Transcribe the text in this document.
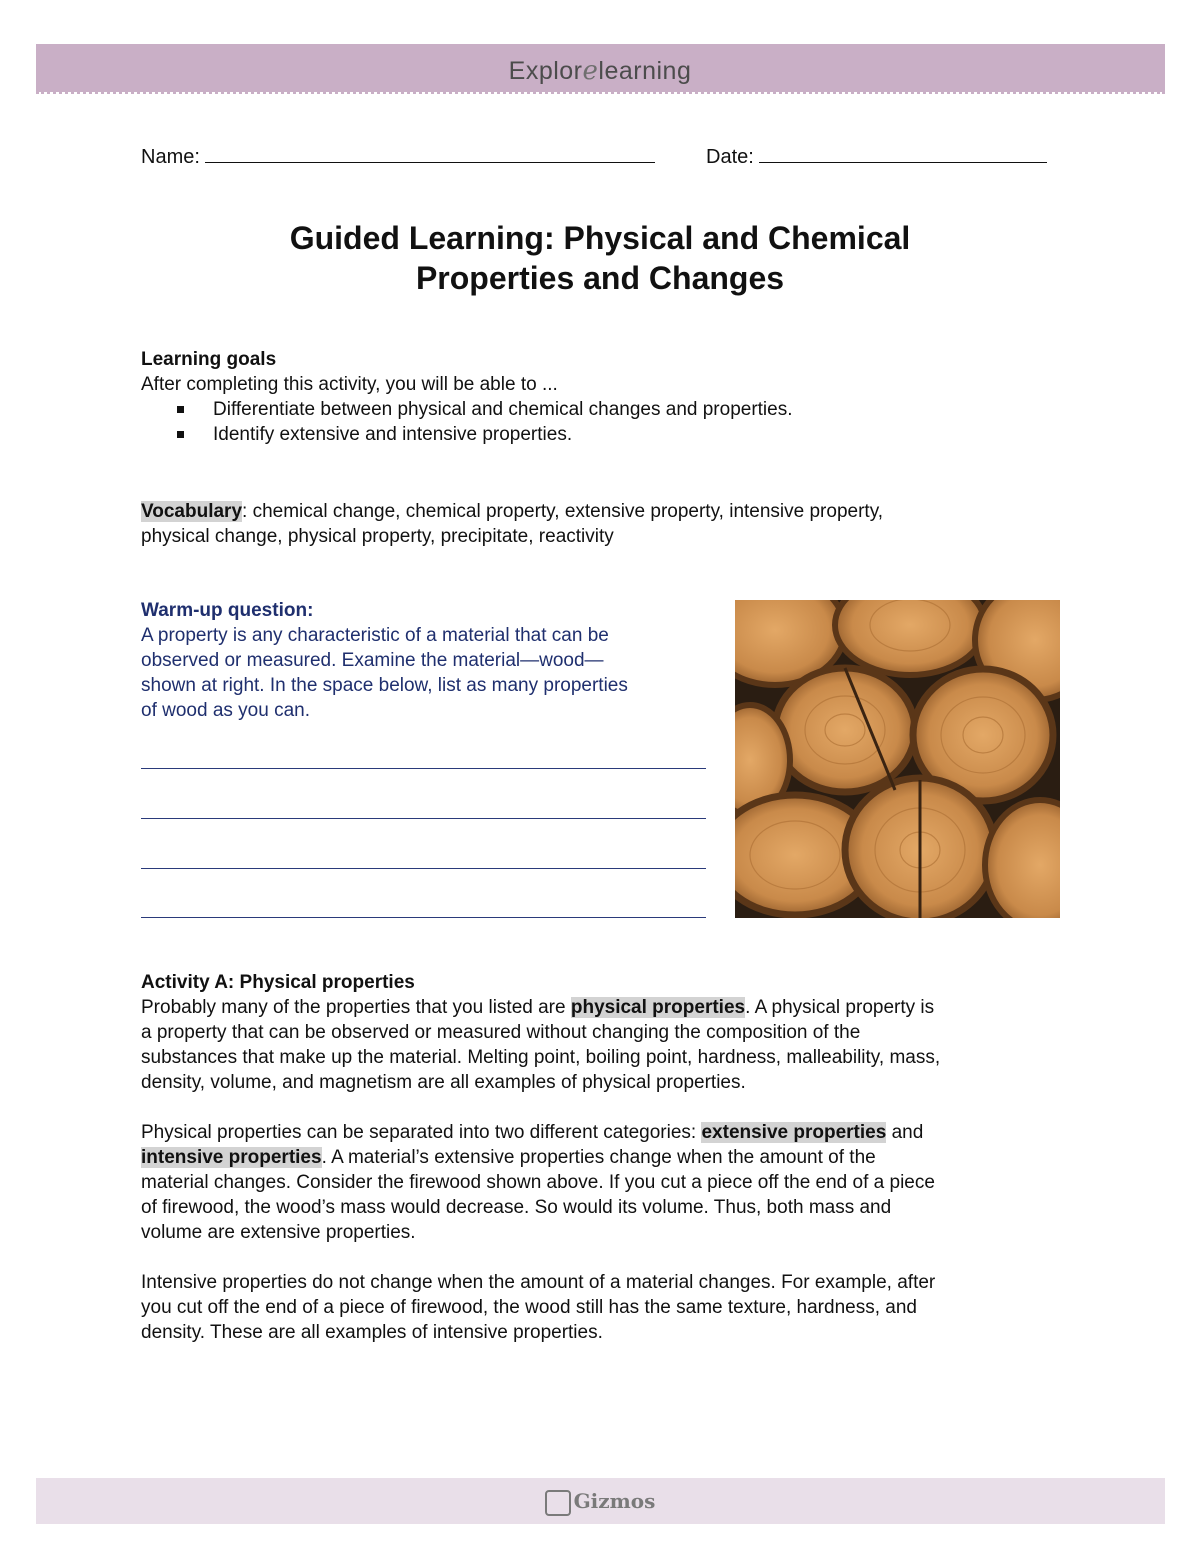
Explorelearning
Name:	Date:
Guided Learning: Physical and Chemical
Properties and Changes
Learning goals
After completing this activity, you will be able to ...
Differentiate between physical and chemical changes and properties.
Identify extensive and intensive properties.
Vocabulary: chemical change, chemical property, extensive property, intensive property,
physical change, physical property, precipitate, reactivity
Warm-up question:
A property is any characteristic of a material that can be
observed or measured. Examine the material—wood—
shown at right. In the space below, list as many properties
of wood as you can.
Activity A: Physical properties
Probably many of the properties that you listed are physical properties. A physical property is
a property that can be observed or measured without changing the composition of the
substances that make up the material. Melting point, boiling point, hardness, malleability, mass,
density, volume, and magnetism are all examples of physical properties.
Physical properties can be separated into two different categories: extensive properties and
intensive properties. A material’s extensive properties change when the amount of the
material changes. Consider the firewood shown above. If you cut a piece off the end of a piece
of firewood, the wood’s mass would decrease. So would its volume. Thus, both mass and
volume are extensive properties.
Intensive properties do not change when the amount of a material changes. For example, after
you cut off the end of a piece of firewood, the wood still has the same texture, hardness, and
density. These are all examples of intensive properties.
Gizmos
